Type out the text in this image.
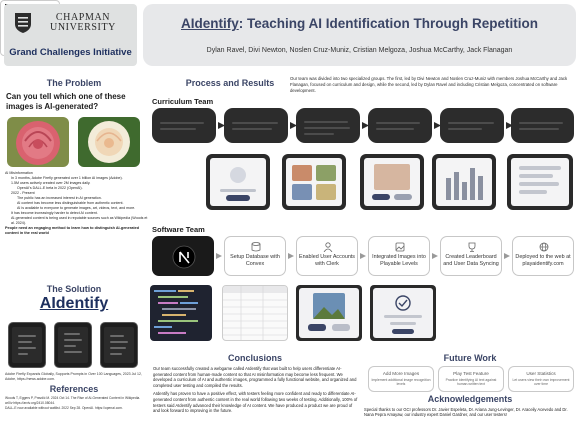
CHAPMAN UNIVERSITY
Grand Challenges Initiative
AIdentify: Teaching AI Identification Through Repetition
Dylan Ravel, Divi Newton, Noslen Cruz-Muniz, Cristian Melgoza, Joshua McCarthy, Jack Flanagan
The Problem
Can you tell which one of these images is AI-generated?
AI Misinformation
In 3 months, Adobe Firefly generated over 1 billion AI images (Adobe).
1.5M users actively created over 2M images daily.
OpenAI's DALL-E beta in 2022 (OpenAI).
2022 - Present
The public has an increased interest in AI generation.
AI content has become less distinguishable from authentic content.
AI is available to everyone to generate images, art, videos, text, and more.
It has become increasingly harder to detect AI content.
AI-generated content is being used in reputable sources such as Wikipedia (Woods et al. 2024).
People need an engaging method to learn how to distinguish AI-generated content in the real world
The Solution
AIdentify
Adobe Firefly Expands Globally, Supports Prompts in Over 100 Languages, 2023 Jul 12, Adobe, https://news.adobe.com.
References
Woods T, Eggers P, Pravdić M. 2024 Oct 14. The Rise of AI-Generated Content in Wikipedia. arXiv https://arxiv.org/2410.08044.
DALL-E now available without waitlist. 2022 Sep 28. OpenAI. https://openai.com.
Process and Results	Our team was divided into two specialized groups. The first, led by Divi Newton and Noslen Cruz-Muniz with members Joshua McCarthy and Jack Flanagan, focused on curriculum and design, while the second, led by Dylan Ravel and including Cristian Melgoza, concentrated on software development.
Curriculum Team
Software Team
Setup Database with Convex
Enabled User Accounts with Clerk
Integrated Images into Playable Levels
Created Leaderboard and User Data Syncing
Deployed to the web at playaidentify.com
Conclusions

Our team successfully created a webgame called AIdentify that was built to help users differentiate AI-generated content from human-made content so that AI misinformation may become less frequent. We developed a curriculum of AI and authentic images, programmed a fully functional website, and organized and completed user testing and compiled the results.

AIdentify has proven to have a positive effect, with testers feeling more confident and ready to differentiate AI-generated content from authentic content in the real world following two weeks of testing. Additionally, 100% of testers said AIdentify advanced their knowledge of AI content. We have produced a product we are proud of and look forward to improving in the future.

Future Work
Add More Images
Implement additional image recognition levels
Play Test Feature
Practice identifying AI text against human-written text
User Statistics
Let users view their own improvement over time
Acknowledgements
Special thanks to our GCI professors Dr. Javier Espeleta, Dr. Ariana Jung-Levinger, Dr. Araceily Acevedo and Dr. Nana Pepra Amayaw, our industry expert Daniel Gardner, and our user testers!
